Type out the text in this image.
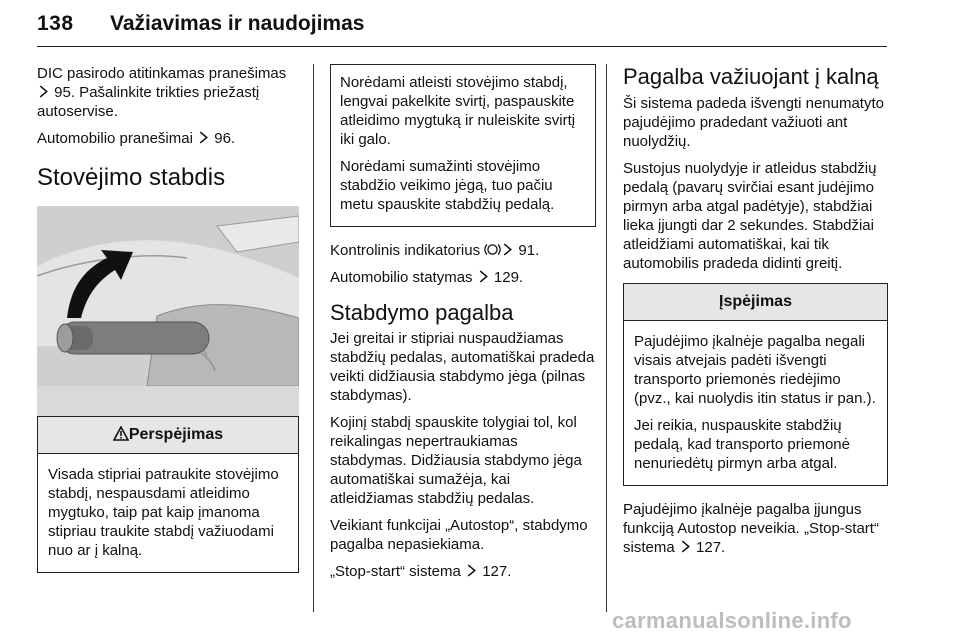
138 Važiavimas ir naudojimas

DIC pasirodo atitinkamas pranešimas  95. Pašalinkite trikties priežastį autoservise.

Automobilio pranešimai  96.

Stovėjimo stabdis
Perspėjimas

Visada stipriai patraukite stovėjimo stabdį, nespausdami atleidimo mygtuko, taip pat kaip įmanoma stipriau traukite stabdį važiuodami nuo ar į kalną.

Norėdami atleisti stovėjimo stabdį, lengvai pakelkite svirtį, paspauskite atleidimo mygtuką ir nuleiskite svirtį iki galo.

Norėdami sumažinti stovėjimo stabdžio veikimo jėgą, tuo pačiu metu spauskite stabdžių pedalą.

Kontrolinis indikatorius  91.

Automobilio statymas  129.

Stabdymo pagalba

Jei greitai ir stipriai nuspaudžiamas stabdžių pedalas, automatiškai pradeda veikti didžiausia stabdymo jėga (pilnas stabdymas).

Kojinį stabdį spauskite tolygiai tol, kol reikalingas nepertraukiamas stabdymas. Didžiausia stabdymo jėga automatiškai sumažėja, kai atleidžiamas stabdžių pedalas.

Veikiant funkcijai „Autostop“, stabdymo pagalba nepasiekiama.

„Stop-start“ sistema  127.

Pagalba važiuojant į kalną

Ši sistema padeda išvengti nenumatyto pajudėjimo pradedant važiuoti ant nuolydžių.

Sustojus nuolydyje ir atleidus stabdžių pedalą (pavarų svirčiai esant judėjimo pirmyn arba atgal padėtyje), stabdžiai lieka įjungti dar 2 sekundes. Stabdžiai atleidžiami automatiškai, kai tik automobilis pradeda didinti greitį.

Įspėjimas

Pajudėjimo įkalnėje pagalba negali visais atvejais padėti išvengti transporto priemonės riedėjimo (pvz., kai nuolydis itin status ir pan.).

Jei reikia, nuspauskite stabdžių pedalą, kad transporto priemonė nenuriedėtų pirmyn arba atgal.

Pajudėjimo įkalnėje pagalba įjungus funkciją Autostop neveikia. „Stop-start“ sistema  127.

carmanualsonline.info
